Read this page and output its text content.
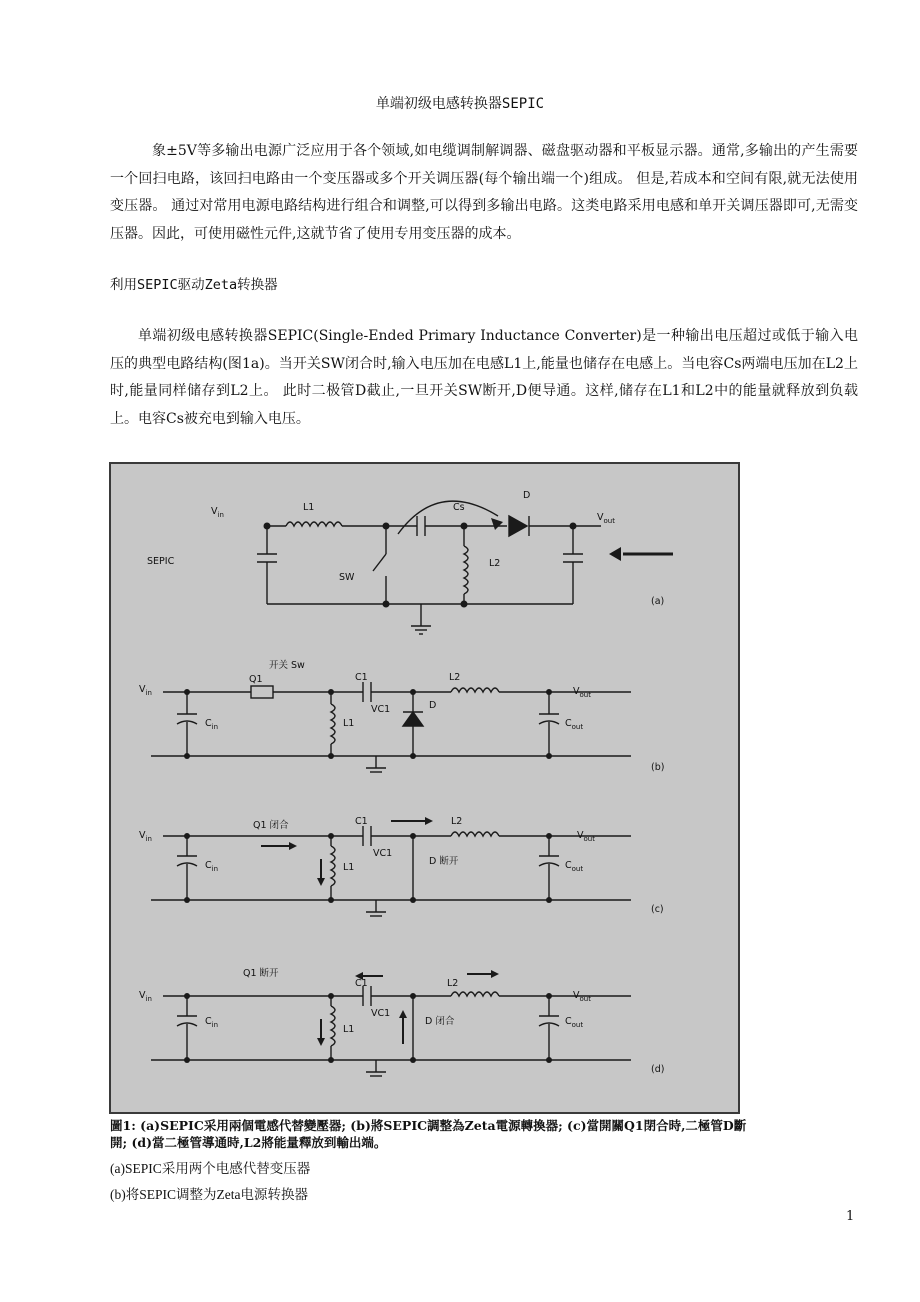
单端初级电感转换器SEPIC

象±5V等多输出电源广泛应用于各个领域,如电缆调制解调器、磁盘驱动器和平板显示器。通常,多输出的产生需要一个回扫电路，该回扫电路由一个变压器或多个开关调压器(每个输出端一个)组成。 但是,若成本和空间有限,就无法使用变压器。 通过对常用电源电路结构进行组合和调整,可以得到多输出电路。这类电路采用电感和单开关调压器即可,无需变压器。因此，可使用磁性元件,这就节省了使用专用变压器的成本。

利用SEPIC驱动Zeta转换器

单端初级电感转换器SEPIC(Single-Ended Primary Inductance Converter)是一种输出电压超过或低于输入电压的典型电路结构(图1a)。当开关SW闭合时,输入电压加在电感L1上,能量也储存在电感上。当电容Cs两端电压加在L2上时,能量同样储存到L2上。 此时二极管D截止,一旦开关SW断开,D便导通。这样,储存在L1和L2中的能量就释放到负载上。电容Cs被充电到输入电压。

$V_{in}$
L1	Cs
D
$V_{out}$
SEPIC
SW
L2
(a)
开关 Sw
Q1
$V_{in}$
C1	L2
VC1	D
$V_{out}$
$C_{in}$	L1	$C_{out}$
(b)
Q1 闭合
$V_{in}$
C1	L2
$V_{out}$
$C_{in}$
VC1
D 断开
L1	$C_{out}$
(c)
Q1 断开
$V_{in}$
C1	L2
$V_{out}$
$C_{in}$
VC1
D 闭合
L1
$C_{out}$
(d)
圖1: (a)SEPIC采用兩個電感代替變壓器; (b)將SEPIC調整為Zeta電源轉換器; (c)當開關Q1閉合時,二極管D斷開; (d)當二極管導通時,L2將能量釋放到輸出端。
(a)SEPIC采用两个电感代替变压器
(b)将SEPIC调整为Zeta电源转换器
1
